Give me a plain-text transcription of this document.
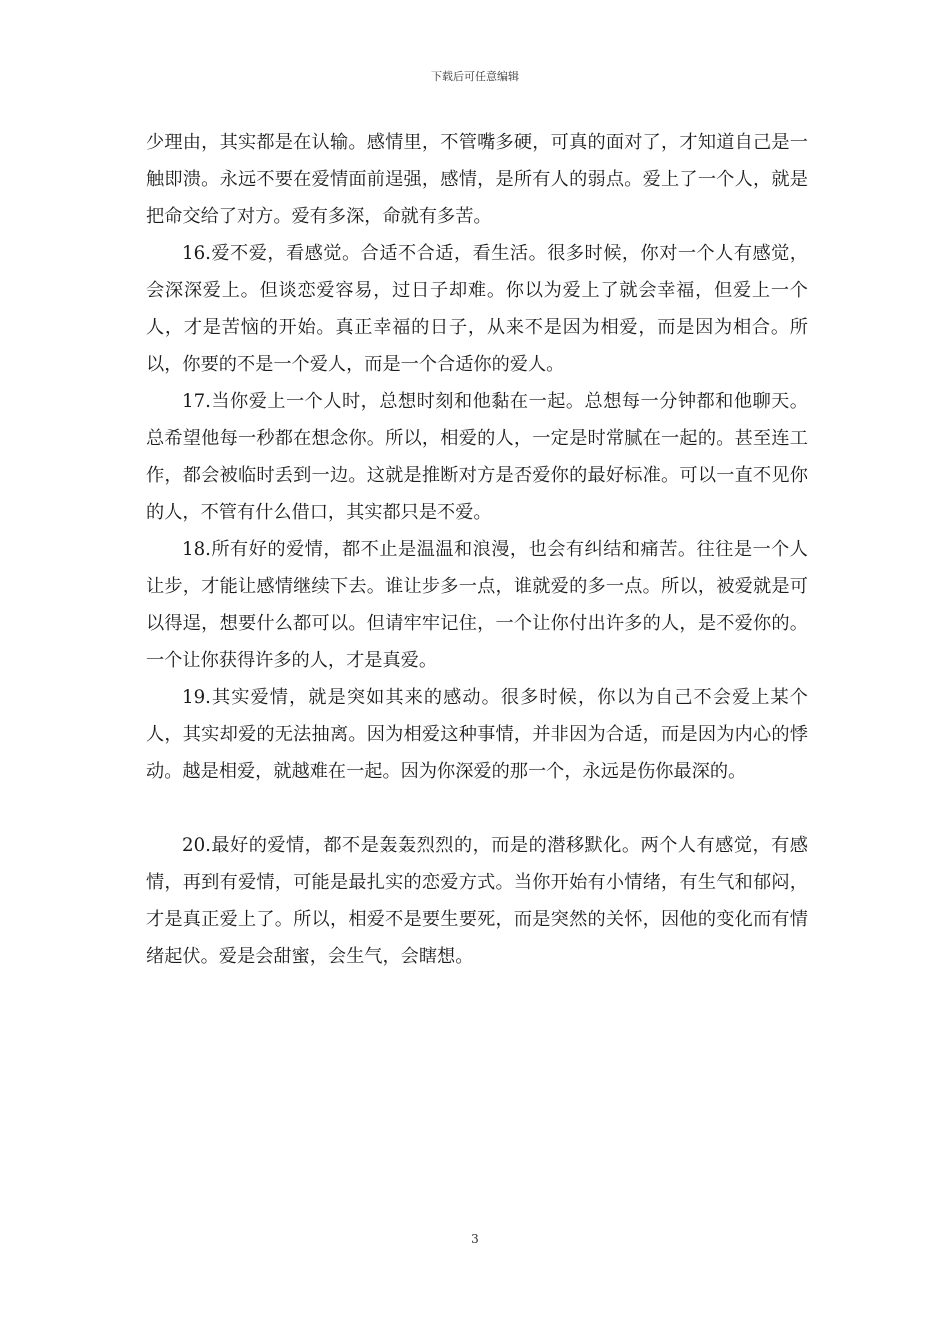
下载后可任意编辑

少理由，其实都是在认输。感情里，不管嘴多硬，可真的面对了，才知道自己是一触即溃。永远不要在爱情面前逞强，感情，是所有人的弱点。爱上了一个人，就是把命交给了对方。爱有多深，命就有多苦。

16.爱不爱，看感觉。合适不合适，看生活。很多时候，你对一个人有感觉，会深深爱上。但谈恋爱容易，过日子却难。你以为爱上了就会幸福，但爱上一个人，才是苦恼的开始。真正幸福的日子，从来不是因为相爱，而是因为相合。所以，你要的不是一个爱人，而是一个合适你的爱人。

17.当你爱上一个人时，总想时刻和他黏在一起。总想每一分钟都和他聊天。总希望他每一秒都在想念你。所以，相爱的人，一定是时常腻在一起的。甚至连工作，都会被临时丢到一边。这就是推断对方是否爱你的最好标准。可以一直不见你的人，不管有什么借口，其实都只是不爱。

18.所有好的爱情，都不止是温温和浪漫，也会有纠结和痛苦。往往是一个人让步，才能让感情继续下去。谁让步多一点，谁就爱的多一点。所以，被爱就是可以得逞，想要什么都可以。但请牢牢记住，一个让你付出许多的人，是不爱你的。一个让你获得许多的人，才是真爱。

19.其实爱情，就是突如其来的感动。很多时候，你以为自己不会爱上某个人，其实却爱的无法抽离。因为相爱这种事情，并非因为合适，而是因为内心的悸动。越是相爱，就越难在一起。因为你深爱的那一个，永远是伤你最深的。

20.最好的爱情，都不是轰轰烈烈的，而是的潜移默化。两个人有感觉，有感情，再到有爱情，可能是最扎实的恋爱方式。当你开始有小情绪，有生气和郁闷，才是真正爱上了。所以，相爱不是要生要死，而是突然的关怀，因他的变化而有情绪起伏。爱是会甜蜜，会生气，会瞎想。

3
